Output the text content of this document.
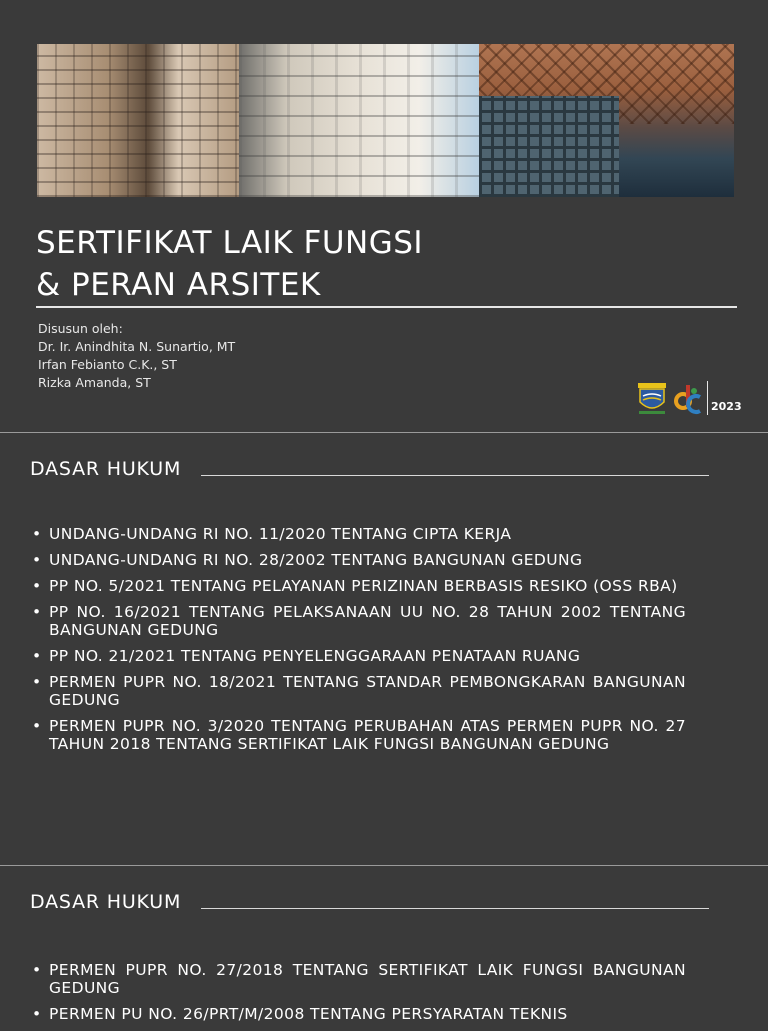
SERTIFIKAT LAIK FUNGSI
& PERAN ARSITEK
Disusun oleh:
Dr. Ir. Anindhita N. Sunartio, MT
Irfan Febianto C.K., ST
Rizka Amanda, ST
2023
DASAR HUKUM
• UNDANG-UNDANG RI NO. 11/2020 TENTANG CIPTA KERJA
• UNDANG-UNDANG RI NO. 28/2002 TENTANG BANGUNAN GEDUNG
• PP NO. 5/2021 TENTANG PELAYANAN PERIZINAN BERBASIS RESIKO (OSS RBA)
• PP NO. 16/2021 TENTANG PELAKSANAAN UU NO. 28 TAHUN 2002 TENTANG BANGUNAN GEDUNG
• PP NO. 21/2021 TENTANG PENYELENGGARAAN PENATAAN RUANG
• PERMEN PUPR NO. 18/2021 TENTANG STANDAR PEMBONGKARAN BANGUNAN GEDUNG
• PERMEN PUPR NO. 3/2020 TENTANG PERUBAHAN ATAS PERMEN PUPR NO. 27 TAHUN 2018 TENTANG SERTIFIKAT LAIK FUNGSI BANGUNAN GEDUNG
DASAR HUKUM
• PERMEN PUPR NO. 27/2018 TENTANG SERTIFIKAT LAIK FUNGSI BANGUNAN GEDUNG
• PERMEN PU NO. 26/PRT/M/2008 TENTANG PERSYARATAN TEKNIS
